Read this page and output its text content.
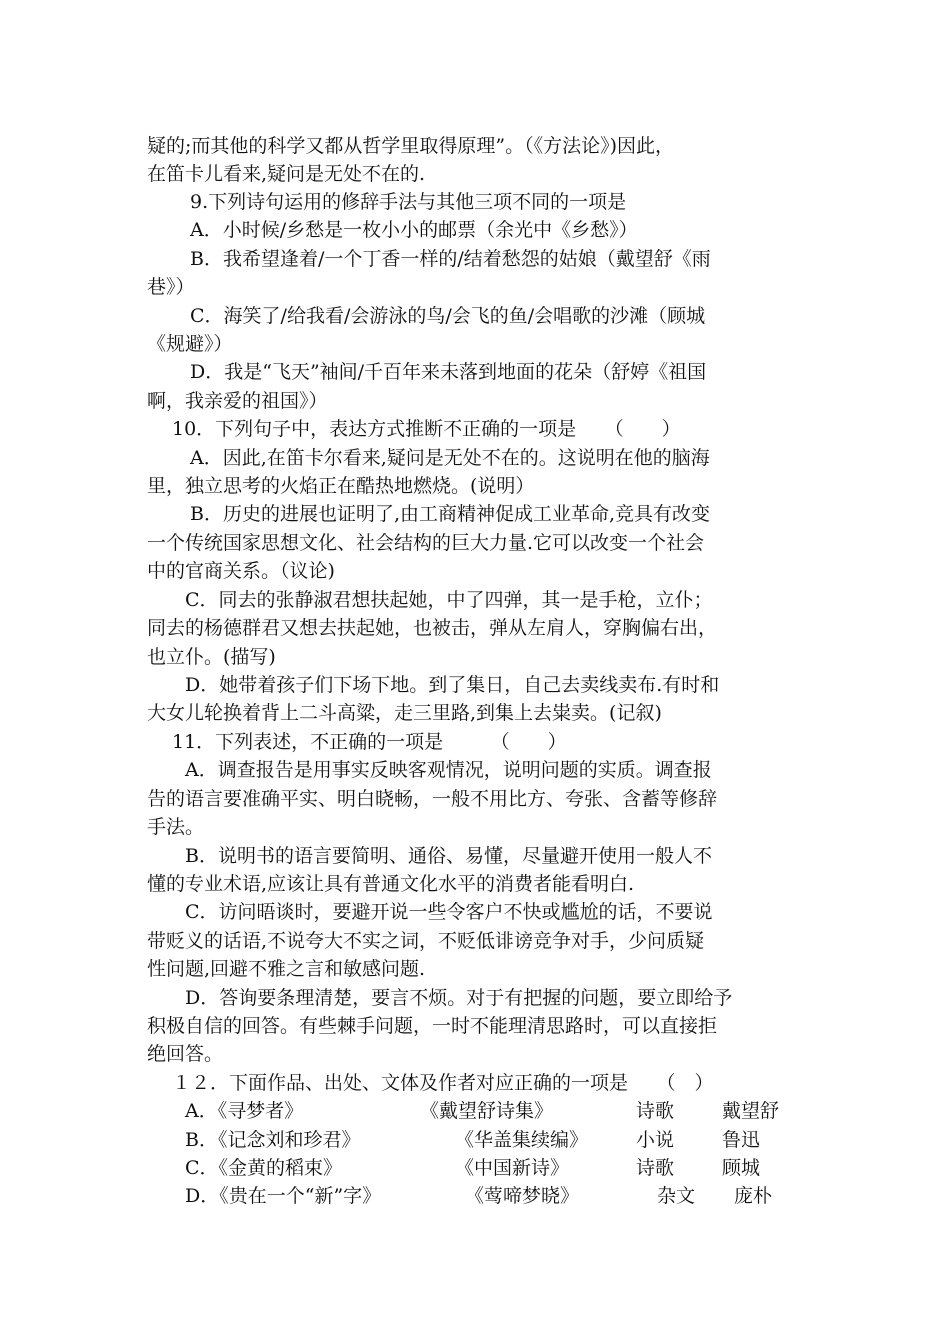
疑的;而其他的科学又都从哲学里取得原理”。（《方法论》)因此，
在笛卡儿看来,疑问是无处不在的.
9.下列诗句运用的修辞手法与其他三项不同的一项是
A．小时候/乡愁是一枚小小的邮票（余光中《乡愁》）
B．我希望逢着/一个丁香一样的/结着愁怨的姑娘（戴望舒《雨
巷》）
C．海笑了/给我看/会游泳的鸟/会飞的鱼/会唱歌的沙滩（顾城
《规避》）
D．我是“飞天”袖间/千百年来未落到地面的花朵（舒婷《祖国
啊，我亲爱的祖国》）
10．下列句子中，表达方式推断不正确的一项是　　（　　）
A．因此,在笛卡尔看来,疑问是无处不在的。这说明在他的脑海
里，独立思考的火焰正在酷热地燃烧。(说明）
B．历史的进展也证明了,由工商精神促成工业革命,竞具有改变
一个传统国家思想文化、社会结构的巨大力量.它可以改变一个社会
中的官商关系。（议论)
C．同去的张静淑君想扶起她，中了四弹，其一是手枪，立仆；
同去的杨德群君又想去扶起她，也被击，弹从左肩人，穿胸偏右出，
也立仆。(描写)
D．她带着孩子们下场下地。到了集日，自己去卖线卖布.有时和
大女儿轮换着背上二斗高粱，走三里路,到集上去粜卖。(记叙)
11．下列表述，不正确的一项是　　　（　　）
A．调查报告是用事实反映客观情况，说明问题的实质。调查报
告的语言要准确平实、明白晓畅，一般不用比方、夸张、含蓄等修辞
手法。
B．说明书的语言要简明、通俗、易懂，尽量避开使用一般人不
懂的专业术语,应该让具有普通文化水平的消费者能看明白.
C．访问晤谈时，要避开说一些令客户不快或尴尬的话，不要说
带贬义的话语,不说夸大不实之词，不贬低诽谤竞争对手，少问质疑
性问题,回避不雅之言和敏感问题.
D．答询要条理清楚，要言不烦。对于有把握的问题，要立即给予
积极自信的回答。有些棘手问题，一时不能理清思路时，可以直接拒
绝回答。
１２．下面作品、出处、文体及作者对应正确的一项是　　（　）
A．《寻梦者》	《戴望舒诗集》	诗歌	戴望舒
B．《记念刘和珍君》	《华盖集续编》	小说	鲁迅
C．《金黄的稻束》	《中国新诗》	诗歌	顾城
D．《贵在一个“新”字》	《莺啼梦晓》	杂文 庞朴
